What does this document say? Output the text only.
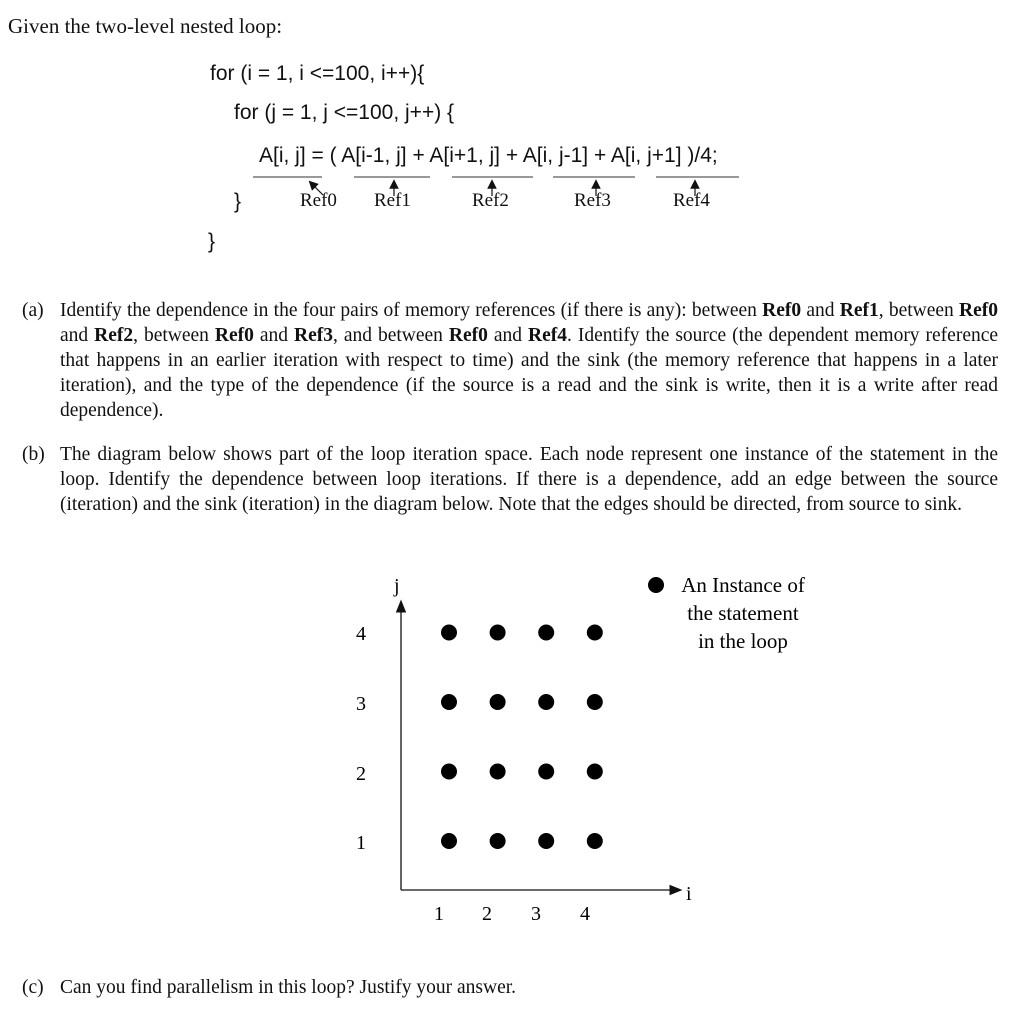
Given the two-level nested loop:
for (i = 1, i <=100, i++){
for (j = 1, j <=100, j++) {
A[i, j] = ( A[i-1, j] + A[i+1, j] + A[i, j-1] + A[i, j+1] )/4;
}
}
Ref0 Ref1	Ref2	Ref3	Ref4
(a) Identify the dependence in the four pairs of memory references (if there is any): between Ref0 and Ref1, between Ref0 and Ref2, between Ref0 and Ref3, and between Ref0 and Ref4. Identify the source (the dependent memory reference that happens in an earlier iteration with respect to time) and the sink (the memory reference that happens in a later iteration), and the type of the dependence (if the source is a read and the sink is write, then it is a write after read dependence).
(b) The diagram below shows part of the loop iteration space. Each node represent one instance of the statement in the loop. Identify the dependence between loop iterations. If there is a dependence, add an edge between the source (iteration) and the sink (iteration) in the diagram below. Note that the edges should be directed, from source to sink.
j
i
1 2 3 4
4
3
2
1
An Instance of
the statement
in the loop
(c) Can you find parallelism in this loop? Justify your answer.
